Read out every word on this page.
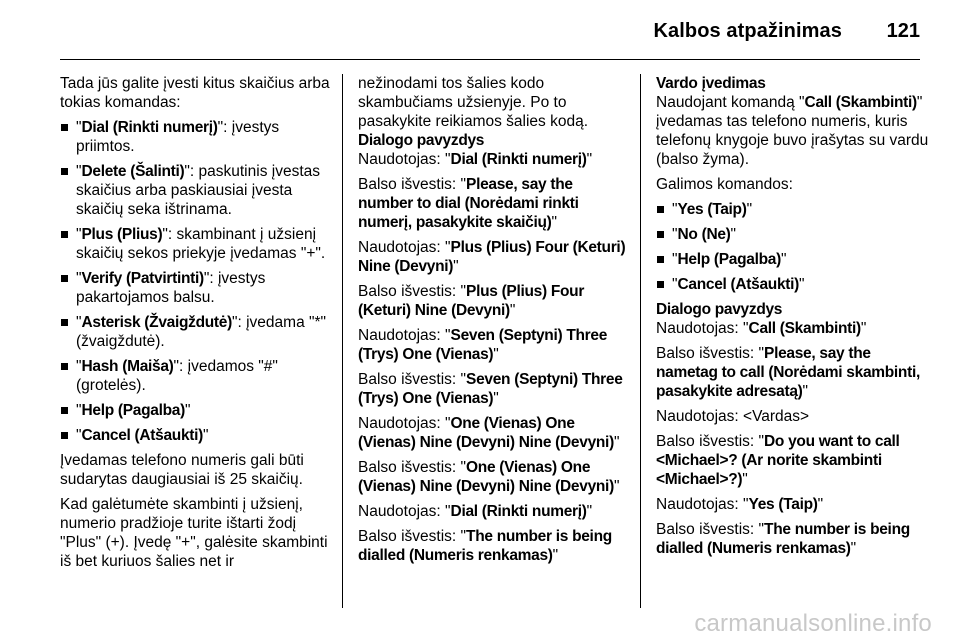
Kalbos atpažinimas 121

Tada jūs galite įvesti kitus skaičius arba tokias komandas:

"Dial (Rinkti numerį)": įvestys priimtos.
"Delete (Šalinti)": paskutinis įvestas skaičius arba paskiausiai įvesta skaičių seka ištrinama.
"Plus (Plius)": skambinant į užsienį skaičių sekos priekyje įvedamas "+".
"Verify (Patvirtinti)": įvestys pakartojamos balsu.
"Asterisk (Žvaigždutė)": įvedama "*" (žvaigždutė).
"Hash (Maiša)": įvedamos "#" (grotelės).
"Help (Pagalba)"
"Cancel (Atšaukti)"

Įvedamas telefono numeris gali būti sudarytas daugiausiai iš 25 skaičių.

Kad galėtumėte skambinti į užsienį, numerio pradžioje turite ištarti žodį "Plus" (+). Įvedę "+", galėsite skambinti iš bet kuriuos šalies net ir

nežinodami tos šalies kodo skambučiams užsienyje. Po to pasakykite reikiamos šalies kodą.

Dialogo pavyzdys

Naudotojas: "Dial (Rinkti numerį)"

Balso išvestis: "Please, say the number to dial (Norėdami rinkti numerį, pasakykite skaičių)"

Naudotojas: "Plus (Plius) Four (Keturi) Nine (Devyni)"

Balso išvestis: "Plus (Plius) Four (Keturi) Nine (Devyni)"

Naudotojas: "Seven (Septyni) Three (Trys) One (Vienas)"

Balso išvestis: "Seven (Septyni) Three (Trys) One (Vienas)"

Naudotojas: "One (Vienas) One (Vienas) Nine (Devyni) Nine (Devyni)"

Balso išvestis: "One (Vienas) One (Vienas) Nine (Devyni) Nine (Devyni)"

Naudotojas: "Dial (Rinkti numerį)"

Balso išvestis: "The number is being dialled (Numeris renkamas)"

Vardo įvedimas

Naudojant komandą "Call (Skambinti)" įvedamas tas telefono numeris, kuris telefonų knygoje buvo įrašytas su vardu (balso žyma).

Galimos komandos:

"Yes (Taip)"
"No (Ne)"
"Help (Pagalba)"
"Cancel (Atšaukti)"
Dialogo pavyzdys

Naudotojas: "Call (Skambinti)"

Balso išvestis: "Please, say the nametag to call (Norėdami skambinti, pasakykite adresatą)"

Naudotojas: <Vardas>

Balso išvestis: "Do you want to call <Michael>? (Ar norite skambinti <Michael>?)"

Naudotojas: "Yes (Taip)"

Balso išvestis: "The number is being dialled (Numeris renkamas)"

carmanualsonline.info
